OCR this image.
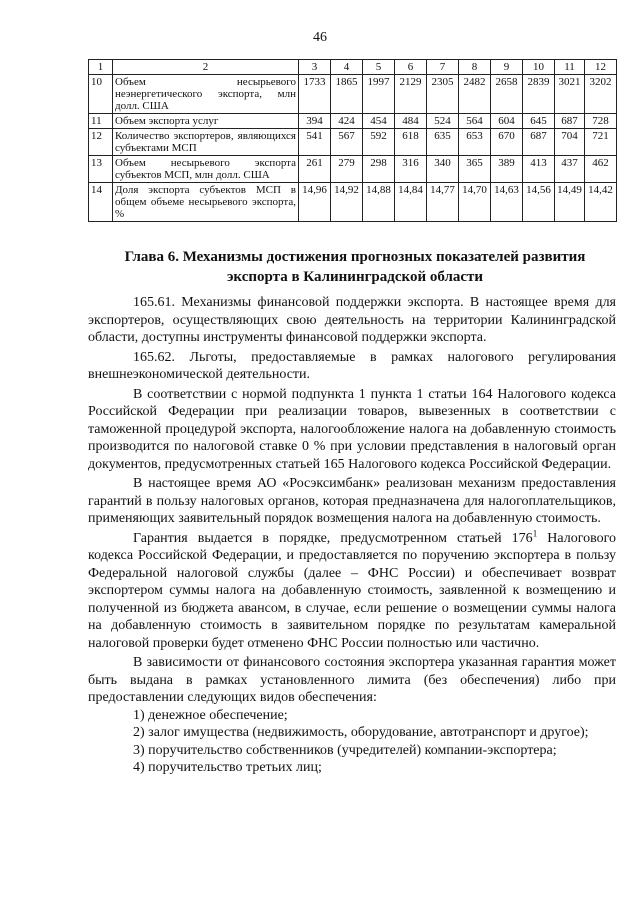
46
1	2	3	4	5	6	7	8	9	10	11	12
10	Объем несырьевого неэнергетического экспорта, млн долл. США	1733	1865	1997	2129	2305	2482	2658	2839	3021	3202
11	Объем экспорта услуг	394	424	454	484	524	564	604	645	687	728
12	Количество экспортеров, являющихся субъектами МСП	541	567	592	618	635	653	670	687	704	721
13	Объем несырьевого экспорта субъектов МСП, млн долл. США	261	279	298	316	340	365	389	413	437	462
14	Доля экспорта субъектов МСП в общем объеме несырьевого экспорта, %	14,96	14,92	14,88	14,84	14,77	14,70	14,63	14,56	14,49	14,42
Глава 6. Механизмы достижения прогнозных показателей развития экспорта в Калининградской области

165.61. Механизмы финансовой поддержки экспорта. В настоящее время для экспортеров, осуществляющих свою деятельность на территории Калининградской области, доступны инструменты финансовой поддержки экспорта.

165.62. Льготы, предоставляемые в рамках налогового регулирования внешнеэкономической деятельности.

В соответствии с нормой подпункта 1 пункта 1 статьи 164 Налогового кодекса Российской Федерации при реализации товаров, вывезенных в соответствии с таможенной процедурой экспорта, налогообложение налога на добавленную стоимость производится по налоговой ставке 0 % при условии представления в налоговый орган документов, предусмотренных статьей 165 Налогового кодекса Российской Федерации.

В настоящее время АО «Росэксимбанк» реализован механизм предоставления гарантий в пользу налоговых органов, которая предназначена для налогоплательщиков, применяющих заявительный порядок возмещения налога на добавленную стоимость.

Гарантия выдается в порядке, предусмотренном статьей $176^1$ Налогового кодекса Российской Федерации, и предоставляется по поручению экспортера в пользу Федеральной налоговой службы (далее – ФНС России) и обеспечивает возврат экспортером суммы налога на добавленную стоимость, заявленной к возмещению и полученной из бюджета авансом, в случае, если решение о возмещении суммы налога на добавленную стоимость в заявительном порядке по результатам камеральной налоговой проверки будет отменено ФНС России полностью или частично.

В зависимости от финансового состояния экспортера указанная гарантия может быть выдана в рамках установленного лимита (без обеспечения) либо при предоставлении следующих видов обеспечения:

1) денежное обеспечение;

2) залог имущества (недвижимость, оборудование, автотранспорт и другое);

3) поручительство собственников (учредителей) компании-экспортера;

4) поручительство третьих лиц;
